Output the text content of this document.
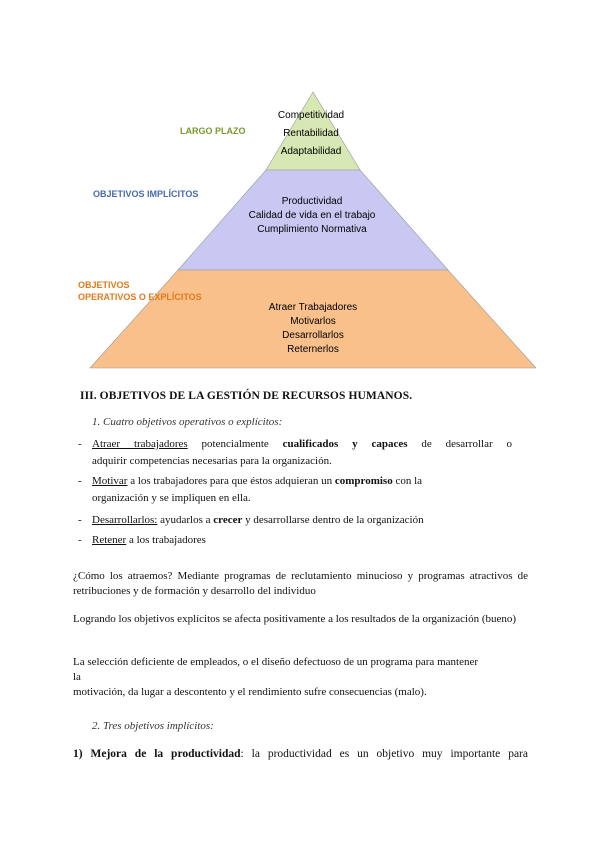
Competitividad
Rentabilidad
Adaptabilidad
Productividad
Calidad de vida en el trabajo
Cumplimiento Normativa
Atraer Trabajadores
Motivarlos
Desarrollarlos
Reternerlos
LARGO PLAZO
OBJETIVOS IMPLÍCITOS
OBJETIVOS
OPERATIVOS O EXPLÍCITOS
III. OBJETIVOS DE LA GESTIÓN DE RECURSOS HUMANOS.
1. Cuatro objetivos operativos o explícitos:
- Atraer trabajadores potencialmente cualificados y capaces de desarrollar o
adquirir competencias necesarias para la organización.
- Motivar a los trabajadores para que éstos adquieran un compromiso con la
organización y se impliquen en ella.
- Desarrollarlos: ayudarlos a crecer y desarrollarse dentro de la organización
- Retener a los trabajadores
¿Cómo los atraemos? Mediante programas de reclutamiento minucioso y programas atractivos de retribuciones y de formación y desarrollo del individuo
Logrando los objetivos explícitos se afecta positivamente a los resultados de la organización (bueno)
La selección deficiente de empleados, o el diseño defectuoso de un programa para mantener
la
motivación, da lugar a descontento y el rendimiento sufre consecuencias (malo).
2. Tres objetivos implícitos:
1) Mejora de la productividad: la productividad es un objetivo muy importante para
